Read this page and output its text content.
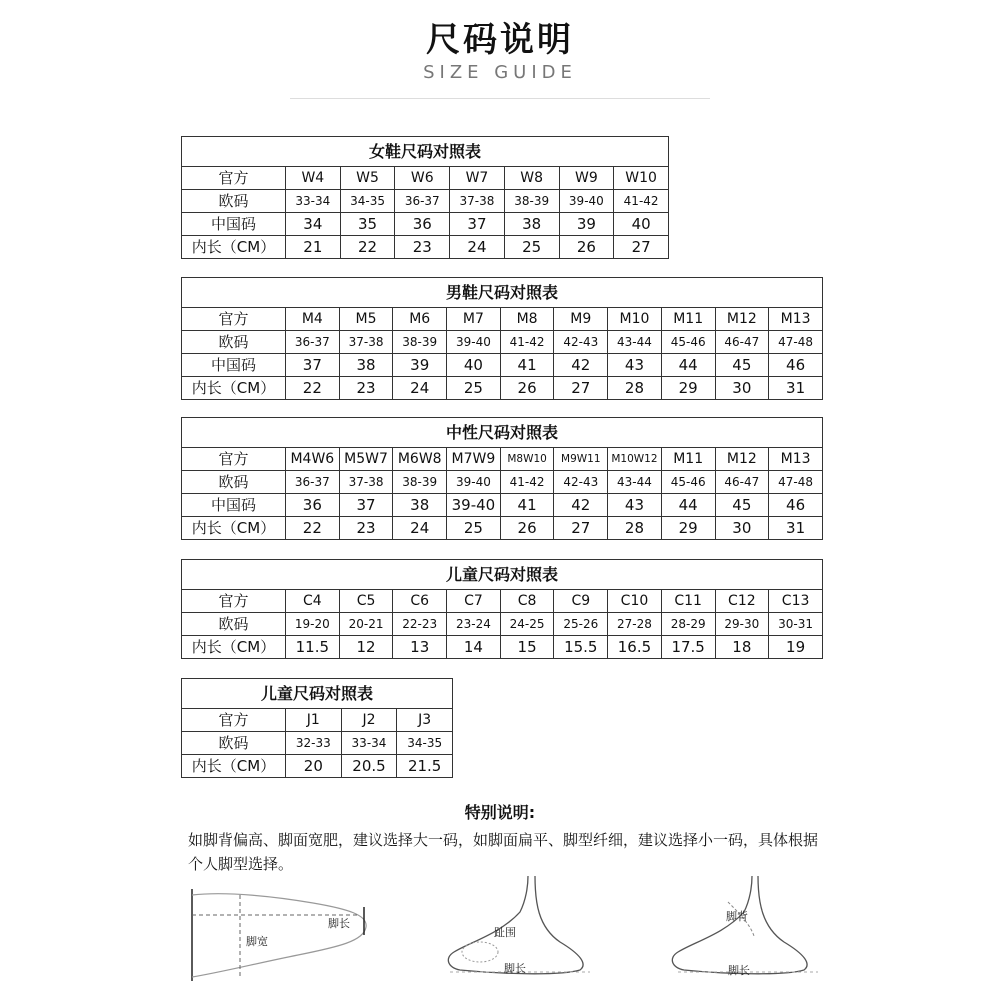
尺码说明
SIZE GUIDE
女鞋尺码对照表							
官方	W4	W5	W6	W7	W8	W9	W10
欧码	33-34	34-35	36-37	37-38	38-39	39-40	41-42
中国码	34	35	36	37	38	39	40
内长（CM）	21	22	23	24	25	26	27
男鞋尺码对照表										
官方	M4	M5	M6	M7	M8	M9	M10	M11	M12	M13
欧码	36-37	37-38	38-39	39-40	41-42	42-43	43-44	45-46	46-47	47-48
中国码	37	38	39	40	41	42	43	44	45	46
内长（CM）	22	23	24	25	26	27	28	29	30	31
中性尺码对照表										
官方	M4W6	M5W7	M6W8	M7W9	M8W10	M9W11	M10W12	M11	M12	M13
欧码	36-37	37-38	38-39	39-40	41-42	42-43	43-44	45-46	46-47	47-48
中国码	36	37	38	39-40	41	42	43	44	45	46
内长（CM）	22	23	24	25	26	27	28	29	30	31
儿童尺码对照表										
官方	C4	C5	C6	C7	C8	C9	C10	C11	C12	C13
欧码	19-20	20-21	22-23	23-24	24-25	25-26	27-28	28-29	29-30	30-31
内长（CM）	11.5	12	13	14	15	15.5	16.5	17.5	18	19
儿童尺码对照表			
官方	J1	J2	J3
欧码	32-33	33-34	34-35
内长（CM）	20	20.5	21.5
特别说明:
如脚背偏高、脚面宽肥，建议选择大一码，如脚面扁平、脚型纤细，建议选择小一码，具体根据个人脚型选择。
脚长
脚宽
趾围
脚长
脚背
脚长
